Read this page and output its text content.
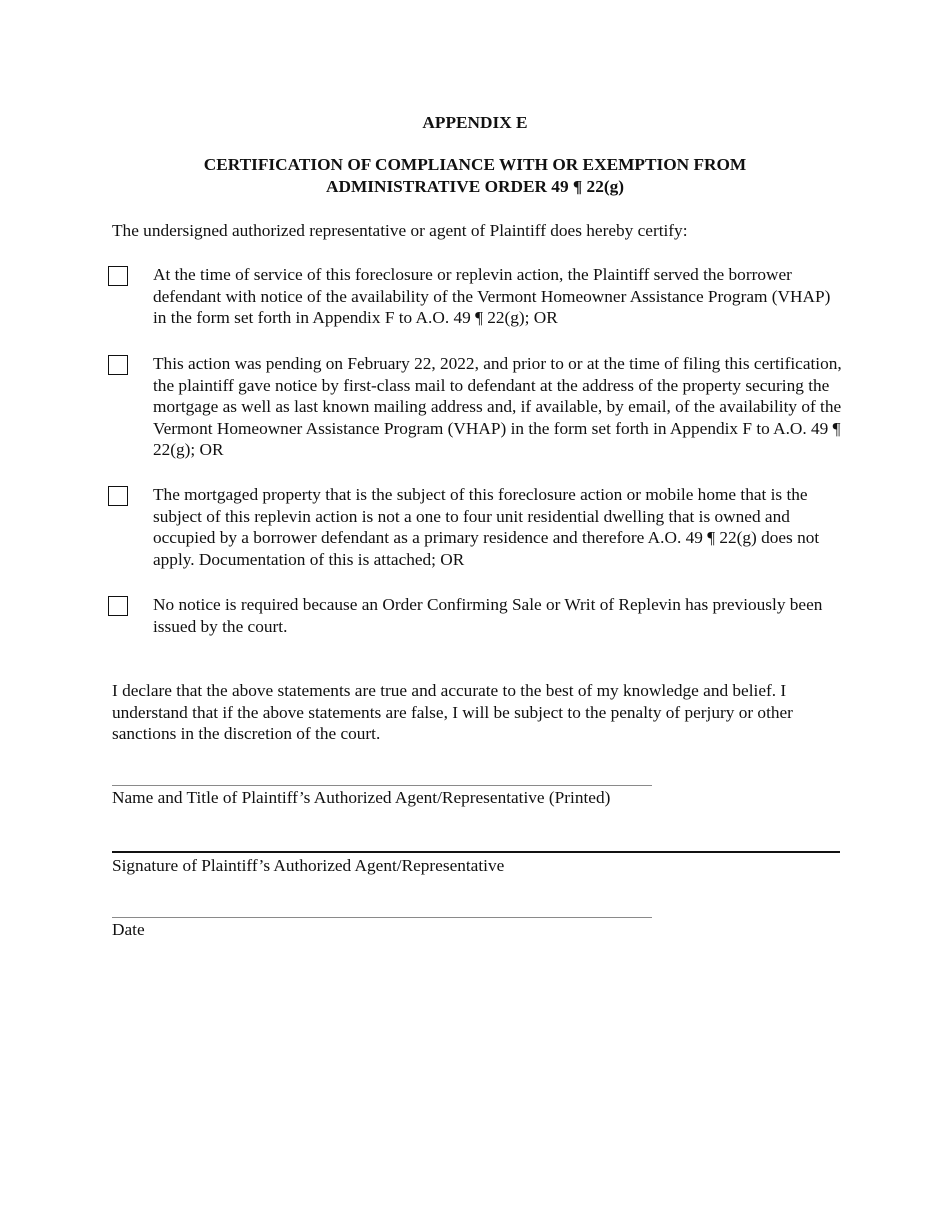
APPENDIX E
CERTIFICATION OF COMPLIANCE WITH OR EXEMPTION FROM
ADMINISTRATIVE ORDER 49 ¶ 22(g)
The undersigned authorized representative or agent of Plaintiff does hereby certify:
At the time of service of this foreclosure or replevin action, the Plaintiff served the borrower defendant with notice of the availability of the Vermont Homeowner Assistance Program (VHAP) in the form set forth in Appendix F to A.O. 49 ¶ 22(g); OR
This action was pending on February 22, 2022, and prior to or at the time of filing this certification, the plaintiff gave notice by first-class mail to defendant at the address of the property securing the mortgage as well as last known mailing address and, if available, by email, of the availability of the Vermont Homeowner Assistance Program (VHAP) in the form set forth in Appendix F to A.O. 49 ¶ 22(g); OR
The mortgaged property that is the subject of this foreclosure action or mobile home that is the subject of this replevin action is not a one to four unit residential dwelling that is owned and occupied by a borrower defendant as a primary residence and therefore A.O. 49 ¶ 22(g) does not apply. Documentation of this is attached; OR
No notice is required because an Order Confirming Sale or Writ of Replevin has previously been issued by the court.
I declare that the above statements are true and accurate to the best of my knowledge and belief. I understand that if the above statements are false, I will be subject to the penalty of perjury or other sanctions in the discretion of the court.
Name and Title of Plaintiff’s Authorized Agent/Representative (Printed)
Signature of Plaintiff’s Authorized Agent/Representative
Date
